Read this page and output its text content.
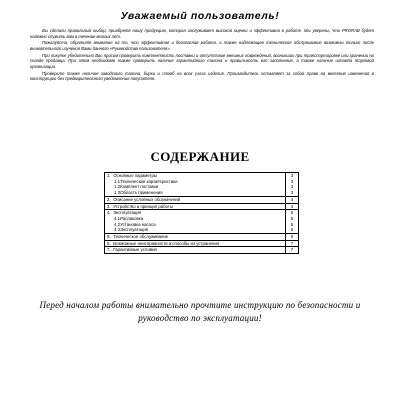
Уважаемый пользователь!

Вы сделали правильный выбор, приобретя нашу продукцию, которая заслуживает высокой оценки и эффективна в работе. Мы уверены, что PRORAB будет надежно служить вам в течение многих лет.

Пожалуйста, обратите внимание на то, что эффективная и безопасная работа, а также надлежащее техническое обслуживание возможны только после внимательного изучения Вами данного «Руководства пользователя».

При покупке убедительно Вас просим проверить комплектность поставки и отсутствие внешних повреждений, возникших при транспортировке или хранении на складе продавца. При этом необходимо также проверить наличие гарантийного талона и правильность его заполнения, а также наличие штампа торговой организации.

Проверьте также наличие заводского талона, бирки и пломб на всех узлах изделия. Производитель оставляет за собой право на внесение изменений в конструкцию без предварительного уведомления покупателя.

СОДЕРЖАНИЕ
1. Основные параметры	3
1.1. Технические характеристики	3
1.2. Комплект поставки	3
1.3. Область применения	3
2. Описание условных обозначений	4
3. Устройство и принцип работы	4
4. Эксплуатация	5
4.1. Распаковка	5
4.2. Установка насоса	5
4.3. Эксплуатация	5
5. Техническое обслуживание	6
6. Возможные неисправности и способы их устранения	7
7. Гарантийные условия	7
Перед началом работы внимательно прочтите инструкцию по безопасности и руководство по эксплуатации!
